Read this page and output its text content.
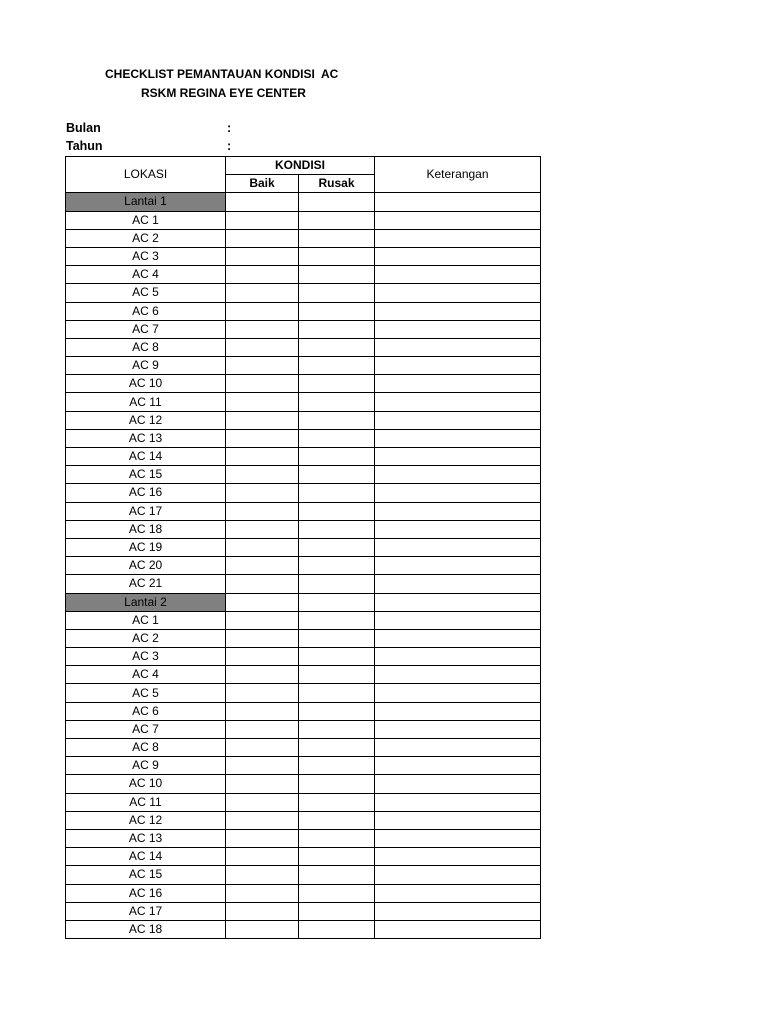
CHECKLIST PEMANTAUAN KONDISI  AC
RSKM REGINA EYE CENTER
Bulan	:
Tahun	:
LOKASI	KONDISI		Keterangan
	Baik	Rusak	
Lantai 1			
AC 1			
AC 2			
AC 3			
AC 4			
AC 5			
AC 6			
AC 7			
AC 8			
AC 9			
AC 10			
AC 11			
AC 12			
AC 13			
AC 14			
AC 15			
AC 16			
AC 17			
AC 18			
AC 19			
AC 20			
AC 21			
Lantai 2			
AC 1			
AC 2			
AC 3			
AC 4			
AC 5			
AC 6			
AC 7			
AC 8			
AC 9			
AC 10			
AC 11			
AC 12			
AC 13			
AC 14			
AC 15			
AC 16			
AC 17			
AC 18			
